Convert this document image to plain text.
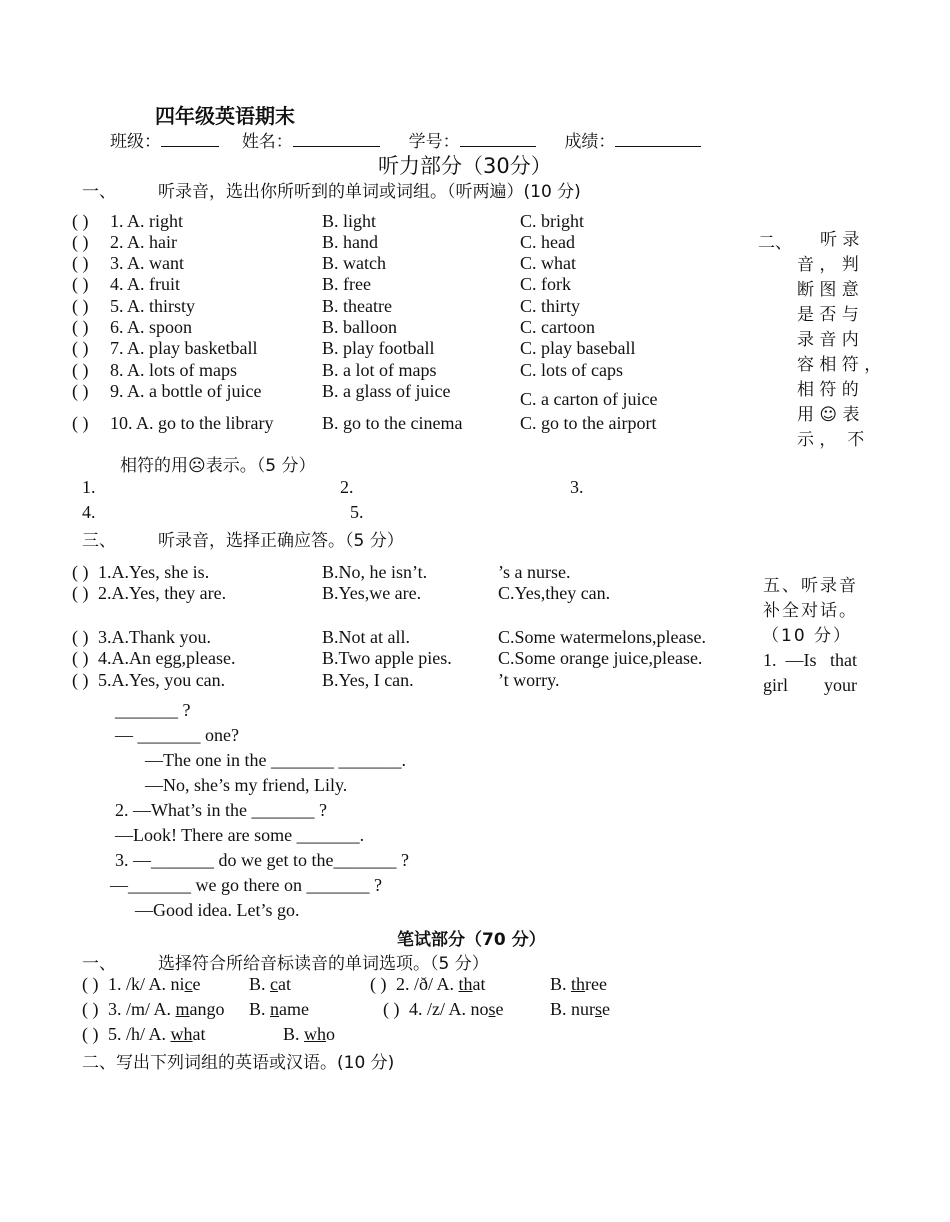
四年级英语期末
班级：	姓名：	学号：	成绩：
听力部分（30分）
一、 听录音，选出你所听到的单词或词组。（听两遍）(10 分)
( ) 1. A. right	B. light	C. bright
( ) 2. A. hair	B. hand	C. head
( ) 3. A. want	B. watch	C. what
( ) 4. A. fruit	B. free	C. fork
( ) 5. A. thirsty	B. theatre	C. thirty
( ) 6. A. spoon	B. balloon	C. cartoon
( ) 7. A. play basketball	B. play football	C. play baseball
( ) 8. A. lots of maps	B. a lot of maps	C. lots of caps
( ) 9. A. a bottle of juice	B. a glass of juice	C. a carton of juice
( ) 10. A. go to the library	B. go to the cinema	C. go to the airport
二、 听 录
音 ， 判
断 图 意
是 否 与
录 音 内
容 相 符 ，
相 符 的
用 ☺ 表
示 ，  不
相符的用☹表示。（5 分）
1.	2.	3.
4.	5.
三、 听录音，选择正确应答。（5 分）
( ) 1.A.Yes, she is.	B.No, he isn’t.	’s a nurse.
( ) 2.A.Yes, they are.	B.Yes,we are.	C.Yes,they can.
( ) 3.A.Thank you.	B.Not at all.	C.Some watermelons,please.
( ) 4.A.An egg,please.	B.Two apple pies.	C.Some orange juice,please.
( ) 5.A.Yes, you can.	B.Yes, I can.	’t worry.
五、听录音
补全对话。
（10 分）
1.  —Is   that
girl        your
_______ ?
— _______ one?
—The one in the _______ _______.
—No, she’s my friend, Lily.
2. —What’s in the _______ ?
—Look! There are some _______.
3. —_______ do we get to the_______ ?
—_______ we go there on _______ ?
—Good idea. Let’s go.
笔试部分（70 分）
一、 选择符合所给音标读音的单词选项。（5 分）
( ) 1. /k/ A. nice	B. cat	( ) 2. /ð/ A. that	B. three
( ) 3. /m/ A. mango B. name	( ) 4. /z/ A. nose	B. nurse
( ) 5. /h/ A. what	B. who
二、写出下列词组的英语或汉语。(10 分)
